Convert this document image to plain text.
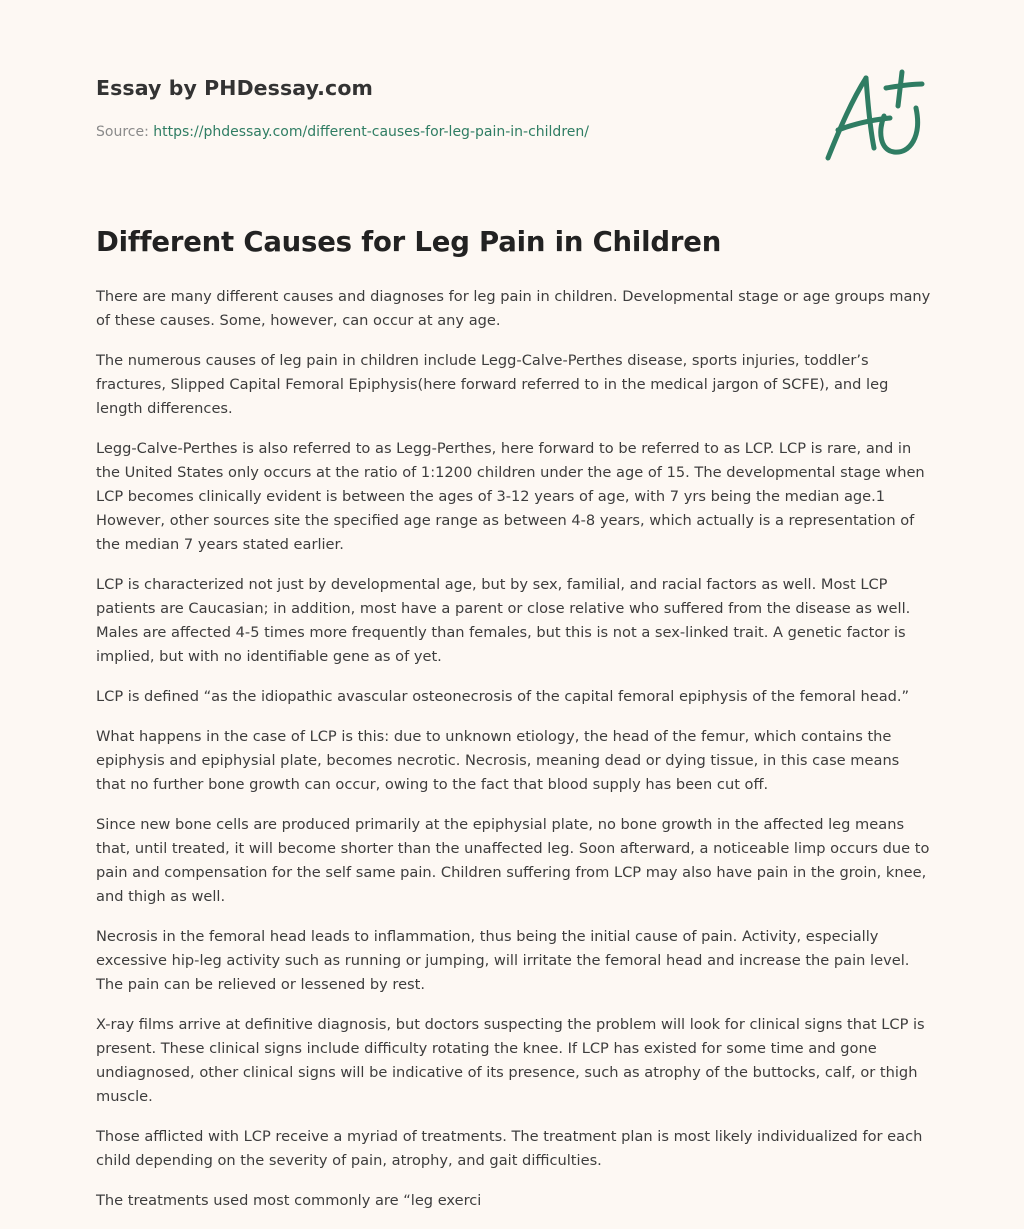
Essay by PHDessay.com
Source: https://phdessay.com/different-causes-for-leg-pain-in-children/
Different Causes for Leg Pain in Children

There are many different causes and diagnoses for leg pain in children. Developmental stage or age groups many of these causes. Some, however, can occur at any age.

The numerous causes of leg pain in children include Legg-Calve-Perthes disease, sports injuries, toddler’s fractures, Slipped Capital Femoral Epiphysis(here forward referred to in the medical jargon of SCFE), and leg length differences.

Legg-Calve-Perthes is also referred to as Legg-Perthes, here forward to be referred to as LCP. LCP is rare, and in the United States only occurs at the ratio of 1:1200 children under the age of 15. The developmental stage when LCP becomes clinically evident is between the ages of 3-12 years of age, with 7 yrs being the median age.1 However, other sources site the specified age range as between 4-8 years, which actually is a representation of the median 7 years stated earlier.

LCP is characterized not just by developmental age, but by sex, familial, and racial factors as well. Most LCP patients are Caucasian; in addition, most have a parent or close relative who suffered from the disease as well. Males are affected 4-5 times more frequently than females, but this is not a sex-linked trait. A genetic factor is implied, but with no identifiable gene as of yet.

LCP is defined “as the idiopathic avascular osteonecrosis of the capital femoral epiphysis of the femoral head.”

What happens in the case of LCP is this: due to unknown etiology, the head of the femur, which contains the epiphysis and epiphysial plate, becomes necrotic. Necrosis, meaning dead or dying tissue, in this case means that no further bone growth can occur, owing to the fact that blood supply has been cut off.

Since new bone cells are produced primarily at the epiphysial plate, no bone growth in the affected leg means that, until treated, it will become shorter than the unaffected leg. Soon afterward, a noticeable limp occurs due to pain and compensation for the self same pain. Children suffering from LCP may also have pain in the groin, knee, and thigh as well.

Necrosis in the femoral head leads to inflammation, thus being the initial cause of pain. Activity, especially excessive hip-leg activity such as running or jumping, will irritate the femoral head and increase the pain level. The pain can be relieved or lessened by rest.

X-ray films arrive at definitive diagnosis, but doctors suspecting the problem will look for clinical signs that LCP is present. These clinical signs include difficulty rotating the knee. If LCP has existed for some time and gone undiagnosed, other clinical signs will be indicative of its presence, such as atrophy of the buttocks, calf, or thigh muscle.

Those afflicted with LCP receive a myriad of treatments. The treatment plan is most likely individualized for each child depending on the severity of pain, atrophy, and gait difficulties.

The treatments used most commonly are “leg exerci
